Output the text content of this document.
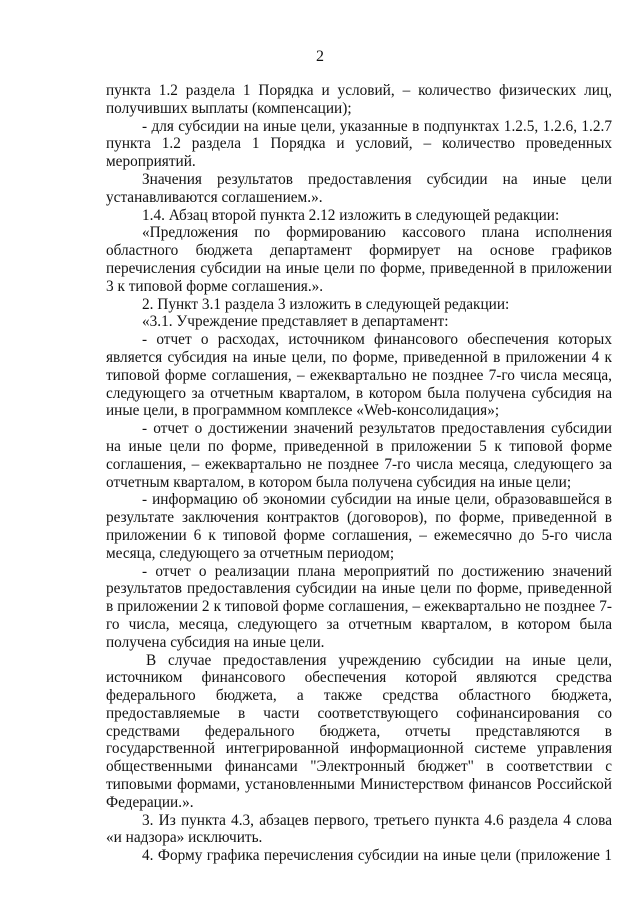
2

пункта 1.2 раздела 1 Порядка и условий, – количество физических лиц, получивших выплаты (компенсации);

- для субсидии на иные цели, указанные в подпунктах 1.2.5, 1.2.6, 1.2.7 пункта 1.2 раздела 1 Порядка и условий, – количество проведенных мероприятий.

Значения результатов предоставления субсидии на иные цели устанавливаются соглашением.».

1.4. Абзац второй пункта 2.12 изложить в следующей редакции:

«Предложения по формированию кассового плана исполнения областного бюджета департамент формирует на основе графиков перечисления субсидии на иные цели по форме, приведенной в приложении 3 к типовой форме соглашения.».

2. Пункт 3.1 раздела 3 изложить в следующей редакции:

«3.1. Учреждение представляет в департамент:

- отчет о расходах, источником финансового обеспечения которых является субсидия на иные цели, по форме, приведенной в приложении 4 к типовой форме соглашения, – ежеквартально не позднее 7-го числа месяца, следующего за отчетным кварталом, в котором была получена субсидия на иные цели, в программном комплексе «Web-консолидация»;

- отчет о достижении значений результатов предоставления субсидии на иные цели по форме, приведенной в приложении 5 к типовой форме соглашения, – ежеквартально не позднее 7-го числа месяца, следующего за отчетным кварталом, в котором была получена субсидия на иные цели;

- информацию об экономии субсидии на иные цели, образовавшейся в результате заключения контрактов (договоров), по форме, приведенной в приложении 6 к типовой форме соглашения, – ежемесячно до 5-го числа месяца, следующего за отчетным периодом;

- отчет о реализации плана мероприятий по достижению значений результатов предоставления субсидии на иные цели по форме, приведенной в приложении 2 к типовой форме соглашения, – ежеквартально не позднее 7-го числа, месяца, следующего за отчетным кварталом, в котором была получена субсидия на иные цели.

В случае предоставления учреждению субсидии на иные цели, источником финансового обеспечения которой являются средства федерального бюджета, а также средства областного бюджета, предоставляемые в части соответствующего софинансирования со средствами федерального бюджета, отчеты представляются в государственной интегрированной информационной системе управления общественными финансами "Электронный бюджет" в соответствии с типовыми формами, установленными Министерством финансов Российской Федерации.».

3. Из пункта 4.3, абзацев первого, третьего пункта 4.6 раздела 4 слова «и надзора» исключить.

4. Форму графика перечисления субсидии на иные цели (приложение 1
